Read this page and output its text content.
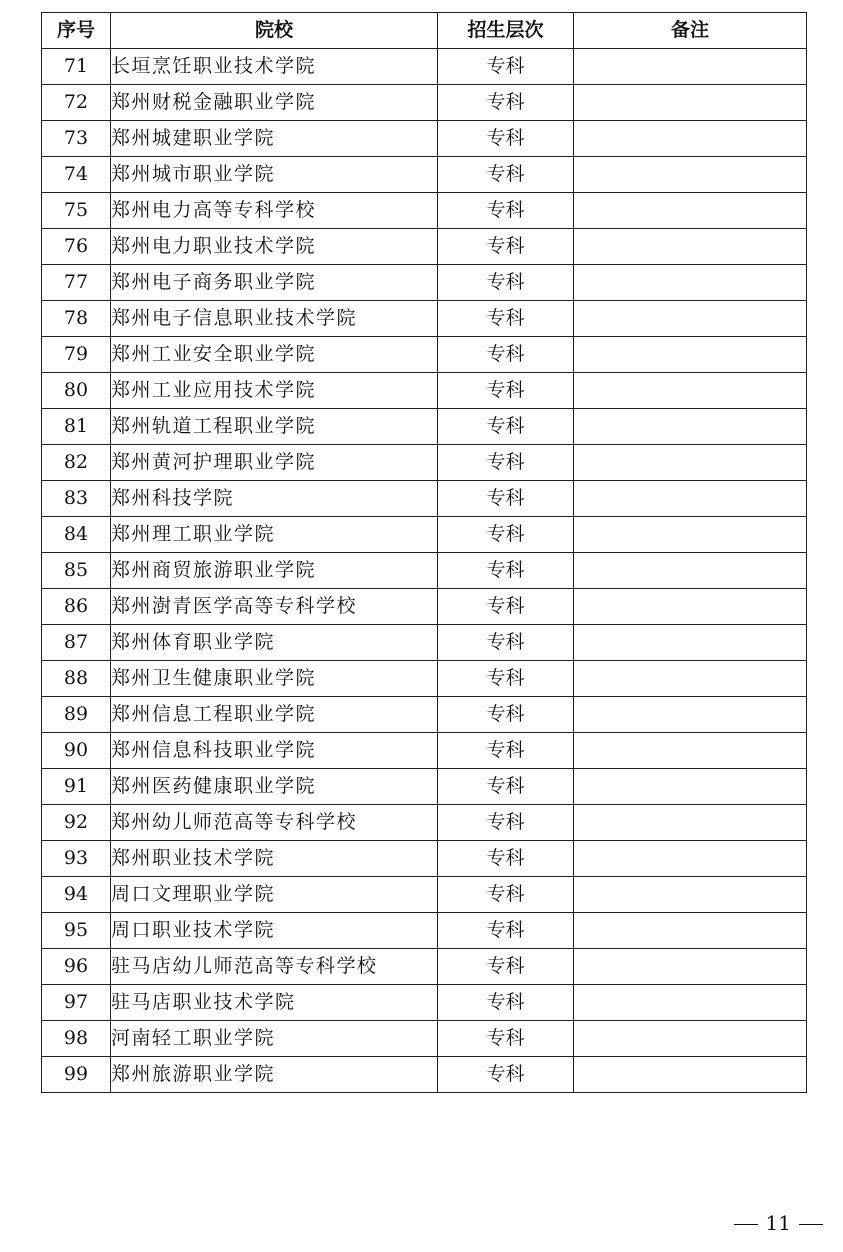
序号	院校	招生层次	备注
71	长垣烹饪职业技术学院	专科	
72	郑州财税金融职业学院	专科	
73	郑州城建职业学院	专科	
74	郑州城市职业学院	专科	
75	郑州电力高等专科学校	专科	
76	郑州电力职业技术学院	专科	
77	郑州电子商务职业学院	专科	
78	郑州电子信息职业技术学院	专科	
79	郑州工业安全职业学院	专科	
80	郑州工业应用技术学院	专科	
81	郑州轨道工程职业学院	专科	
82	郑州黄河护理职业学院	专科	
83	郑州科技学院	专科	
84	郑州理工职业学院	专科	
85	郑州商贸旅游职业学院	专科	
86	郑州澍青医学高等专科学校	专科	
87	郑州体育职业学院	专科	
88	郑州卫生健康职业学院	专科	
89	郑州信息工程职业学院	专科	
90	郑州信息科技职业学院	专科	
91	郑州医药健康职业学院	专科	
92	郑州幼儿师范高等专科学校	专科	
93	郑州职业技术学院	专科	
94	周口文理职业学院	专科	
95	周口职业技术学院	专科	
96	驻马店幼儿师范高等专科学校	专科	
97	驻马店职业技术学院	专科	
98	河南轻工职业学院	专科	
99	郑州旅游职业学院	专科	
11
